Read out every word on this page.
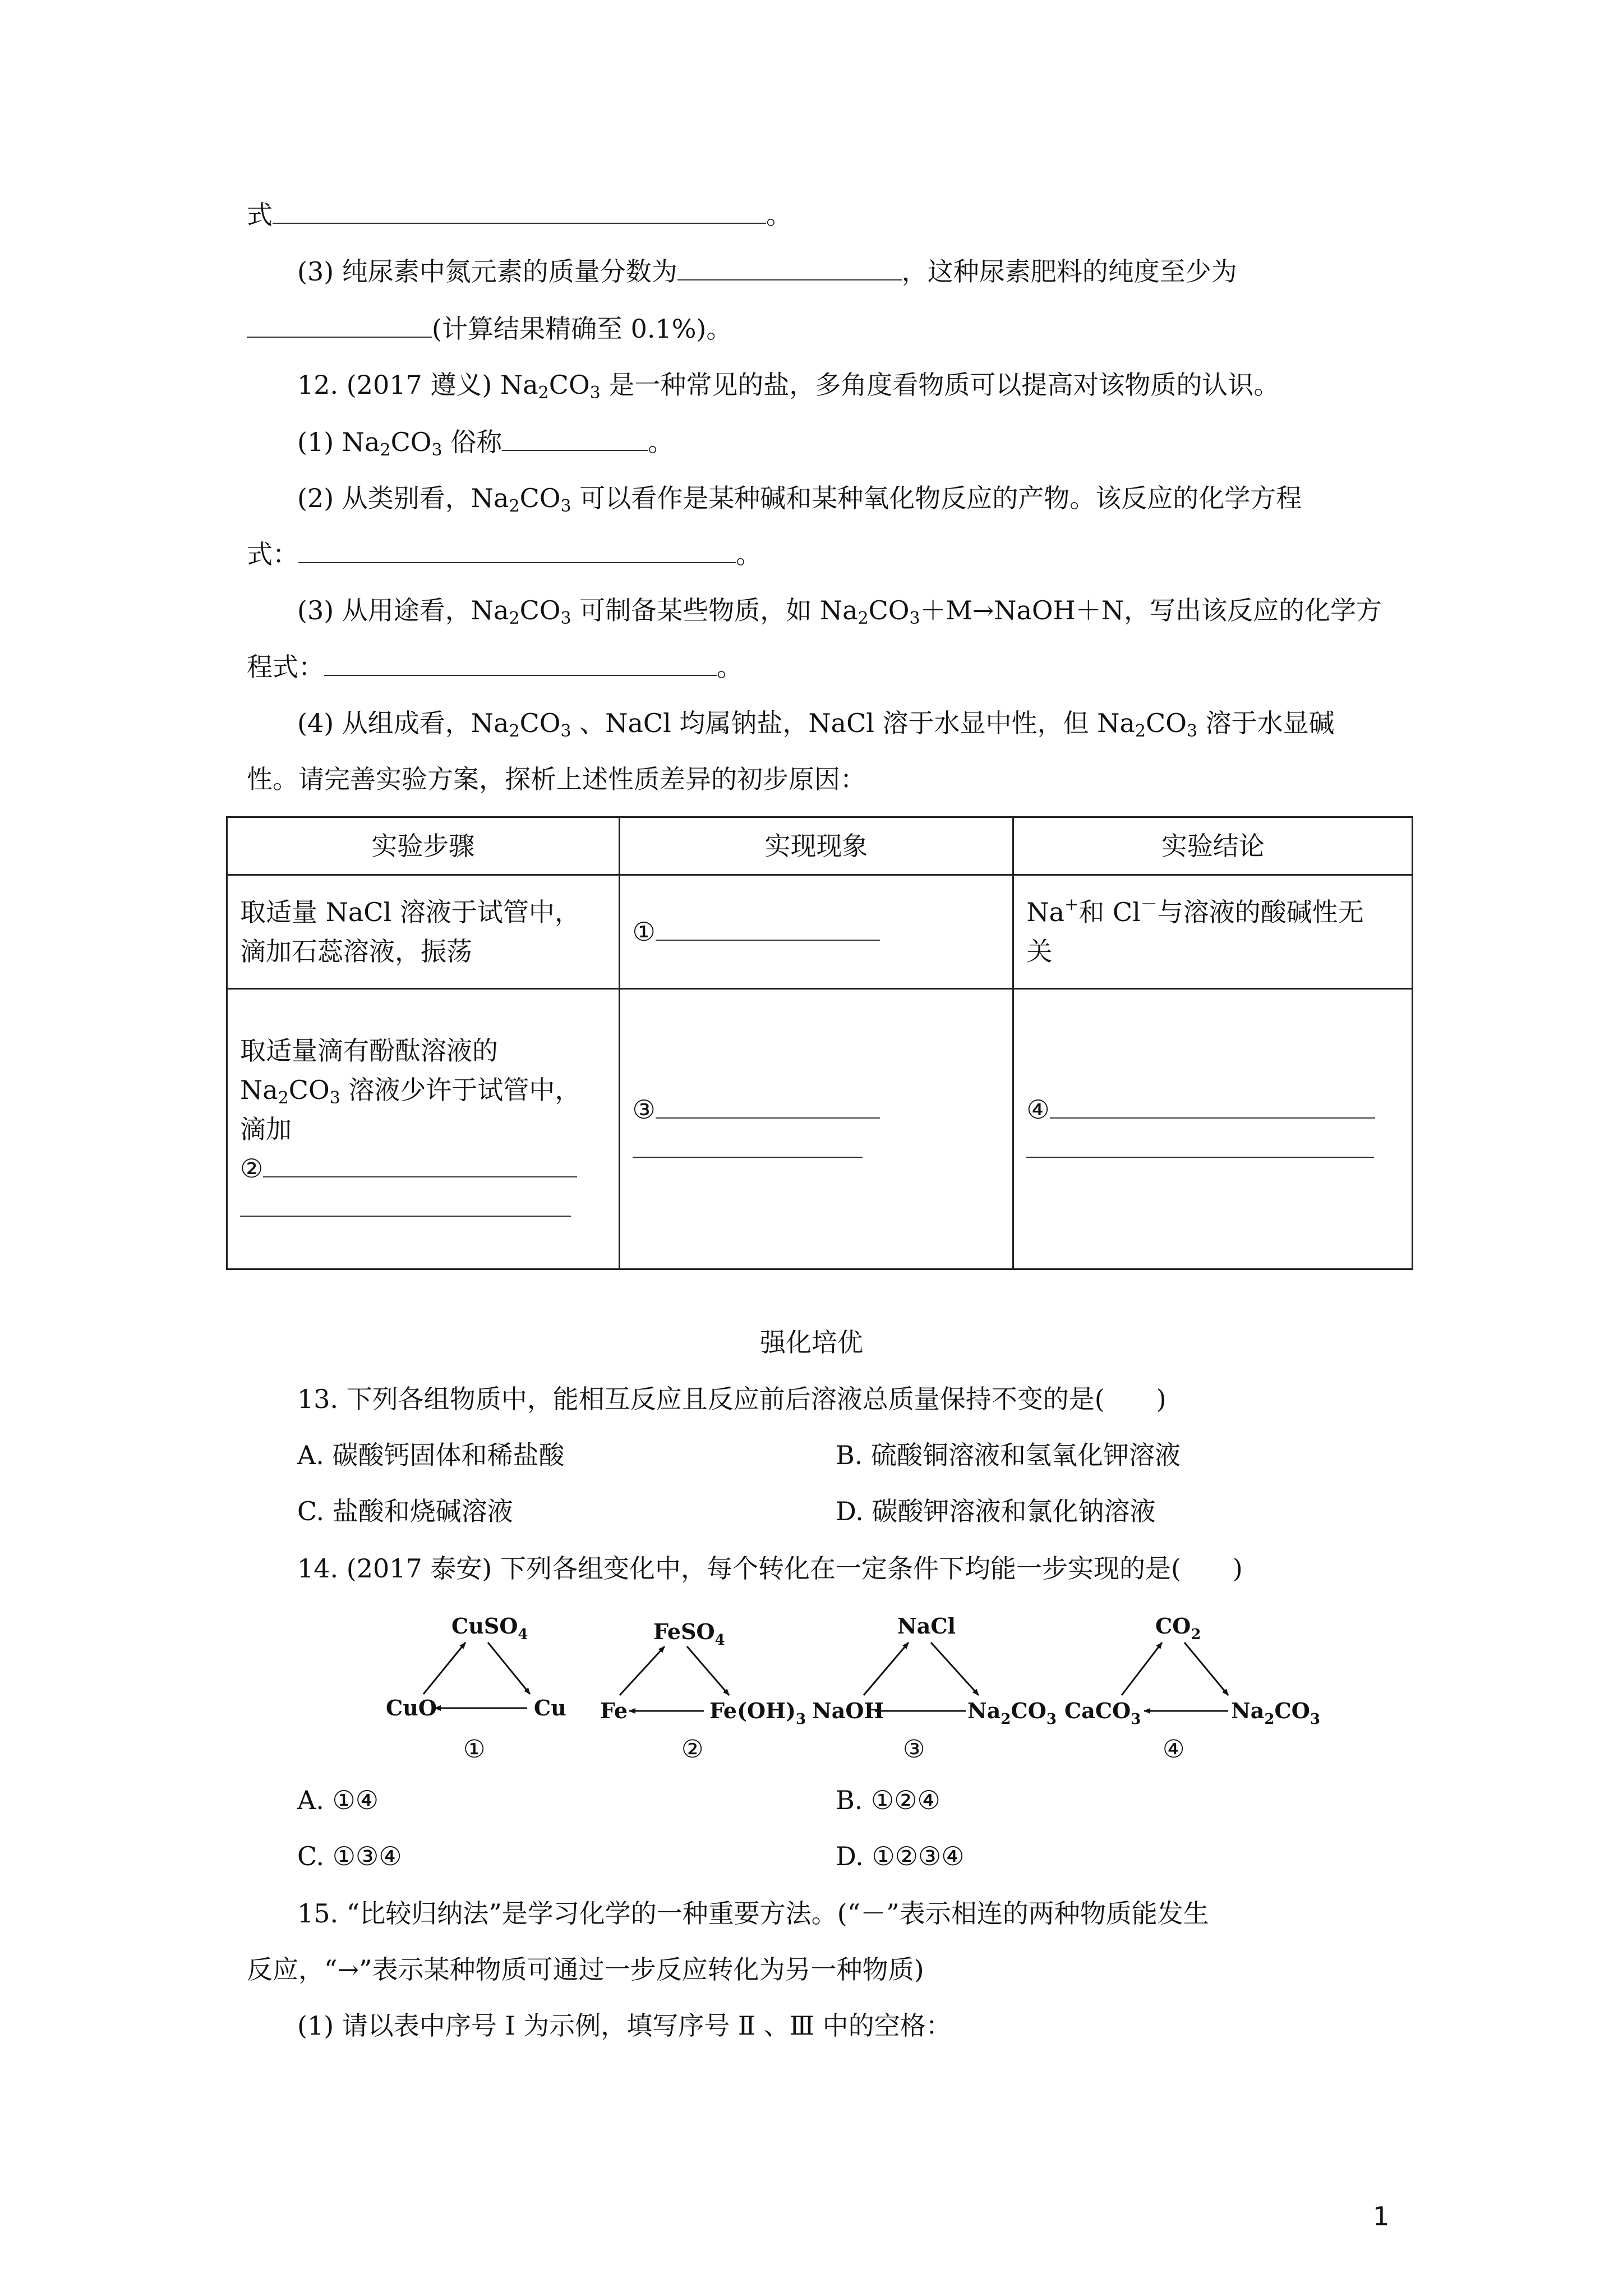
式	。
(3) 纯尿素中氮元素的质量分数为	，这种尿素肥料的纯度至少为
(计算结果精确至 0.1%)。
12. (2017 遵义) $Na_2CO_3$ 是一种常见的盐，多角度看物质可以提高对该物质的认识。
(1) $Na_2CO_3$ 俗称	。
(2) 从类别看，$Na_2CO_3$ 可以看作是某种碱和某种氧化物反应的产物。该反应的化学方程
式：	。
(3) 从用途看，$Na_2CO_3$ 可制备某些物质，如 $Na_2CO_3+M\to NaOH+N$，写出该反应的化学方
程式：	。
(4) 从组成看，$Na_2CO_3$ 、NaCl 均属钠盐，NaCl 溶于水显中性，但 $Na_2CO_3$ 溶于水显碱
性。请完善实验方案，探析上述性质差异的初步原因：
实验步骤	实现现象	实验结论

取适量 NaCl 溶液于试管中，
滴加石蕊溶液，振荡	①	Na+和 Cl－与溶液的酸碱性无
关

取适量滴有酚酞溶液的
$Na_2CO_3$ 溶液少许于试管中，
滴加
②	③	④
强化培优
13. 下列各组物质中，能相互反应且反应前后溶液总质量保持不变的是(　　)
A. 碳酸钙固体和稀盐酸	B. 硫酸铜溶液和氢氧化钾溶液
C. 盐酸和烧碱溶液	D. 碳酸钾溶液和氯化钠溶液
14. (2017 泰安) 下列各组变化中，每个转化在一定条件下均能一步实现的是(　　)
CuSO$_4$
CuO	Cu
①
FeSO$_4$
Fe	$Fe(OH)_3$
②
NaCl
NaOH	$Na_2CO_3$
③
$CO_2$
CaCO$_3$	$Na_2CO_3$
④
A. ①④	B. ①②④
C. ①③④	D. ①②③④
15. “比较归纳法”是学习化学的一种重要方法。(“－”表示相连的两种物质能发生
反应，“→”表示某种物质可通过一步反应转化为另一种物质)
(1) 请以表中序号 Ⅰ 为示例，填写序号 Ⅱ 、Ⅲ 中的空格：
1
